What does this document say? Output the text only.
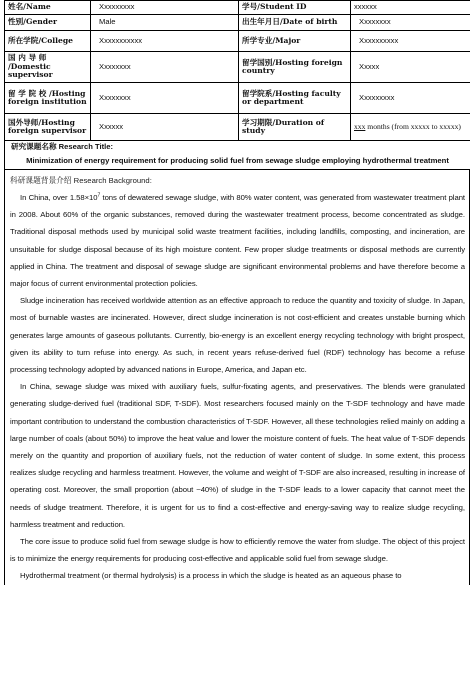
姓名/Name	Xxxxxxxxx	学号/Student ID	xxxxxx
性别/Gender	Male	出生年月日/Date of birth	Xxxxxxxx
所在学院/College	Xxxxxxxxxxx	所学专业/Major	Xxxxxxxxxx
国 内 导 师 /Domestic supervisor	Xxxxxxxx	留学国别/Hosting foreign country	Xxxxx
留 学 院 校 /Hosting foreign institution	Xxxxxxxx	留学院系/Hosting faculty or department	Xxxxxxxxx
国外导师/Hosting foreign supervisor	Xxxxxx	学习期限/Duration of study	xxx months (from xxxxx to xxxxx)

研究课题名称 Research Title:
Minimization of energy requirement for producing solid fuel from sewage sludge employing hydrothermal treatment			
科研课题背景介绍 Research Background:

In China, over $1.58\times 10^7$ tons of dewatered sewage sludge, with 80% water content, was generated from wastewater treatment plant in 2008. About 60% of the organic substances, removed during the wastewater treatment process, become concentrated as sludge. Traditional disposal methods used by municipal solid waste treatment facilities, including landfills, composting, and incineration, are unsuitable for sludge disposal because of its high moisture content. Few proper sludge treatments or disposal methods are currently applied in China. The treatment and disposal of sewage sludge are significant environmental problems and have therefore become a major focus of current environmental protection policies.

Sludge incineration has received worldwide attention as an effective approach to reduce the quantity and toxicity of sludge. In Japan, most of burnable wastes are incinerated. However, direct sludge incineration is not cost-efficient and creates unstable burning which generates large amounts of gaseous pollutants. Currently, bio-energy is an excellent energy recycling technology with bright prospect, given its ability to turn refuse into energy. As such, in recent years refuse-derived fuel (RDF) technology has become a refuse processing technology adopted by advanced nations in Europe, America, and Japan etc.

In China, sewage sludge was mixed with auxiliary fuels, sulfur-fixating agents, and preservatives. The blends were granulated generating sludge-derived fuel (traditional SDF, T-SDF). Most researchers focused mainly on the T-SDF technology and have made important contribution to understand the combustion characteristics of T-SDF. However, all these technologies relied mainly on adding a large number of coals (about 50%) to improve the heat value and lower the moisture content of fuels. The heat value of T-SDF depends merely on the quantity and proportion of auxiliary fuels, not the reduction of water content of sludge. In some extent, this process realizes sludge recycling and harmless treatment. However, the volume and weight of T-SDF are also increased, resulting in increase of operating cost. Moreover, the small proportion (about ~40%) of sludge in the T-SDF leads to a lower capacity that cannot meet the needs of sludge treatment. Therefore, it is urgent for us to find a cost-effective and energy-saving way to realize sludge recycling, harmless treatment and reduction.

The core issue to produce solid fuel from sewage sludge is how to efficiently remove the water from sludge. The object of this project is to minimize the energy requirements for producing cost-effective and applicable solid fuel from sewage sludge.

Hydrothermal treatment (or thermal hydrolysis) is a process in which the sludge is heated as an aqueous phase to
